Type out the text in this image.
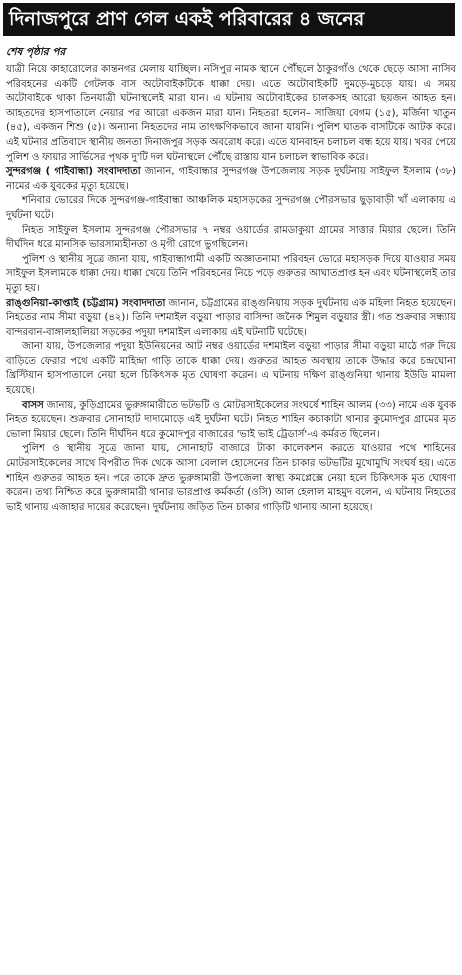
দিনাজপুরে প্রাণ গেল একই পরিবারের ৪ জনের
শেষ পৃষ্ঠার পর

যাত্রী নিয়ে কাহারোলের কান্তনগর মেলায় যাচ্ছিল। নসিপুর নামক স্থানে পৌঁছলে ঠাকুরগাঁও থেকে ছেড়ে আসা নাসিব পরিবহনের একটি গেটলক বাস অটোবাইকটিকে ধাক্কা দেয়। এতে অটোবাইকটি দুমড়ে-মুচড়ে যায়। এ সময় অটোবাইকে থাকা তিনযাত্রী ঘটনাস্থলেই মারা যান। এ ঘটনায় অটোবাইকের চালকসহ আরো ছয়জন আহত হন। আহতদের হাসপাতালে নেয়ার পর আরো একজন মারা যান। নিহতরা হলেন– সাজিয়া বেগম (১৫), মর্জিনা খাতুন (৪৫), একজন শিশু (৫)। অন্যান্য নিহতদের নাম তাৎক্ষণিকভাবে জানা যায়নি। পুলিশ ঘাতক বাসটিকে আটক করে। এই ঘটনার প্রতিবাদে স্থানীয় জনতা দিনাজপুর সড়ক অবরোধ করে। এতে যানবাহন চলাচল বন্ধ হয়ে যায়। খবর পেয়ে পুলিশ ও ফায়ার সার্ভিসের পৃথক দু'টি দল ঘটনাস্থলে পৌঁছে রাস্তায় যান চলাচল স্বাভাবিক করে।

সুন্দরগঞ্জ ( গাইবান্ধা) সংবাদদাতা জানান, গাইবান্ধার সুন্দরগঞ্জ উপজেলায় সড়ক দুর্ঘটনায় সাইফুল ইসলাম (৩৮) নামের এক যুবকের মৃত্যু হয়েছে।

শনিবার ভোরের দিকে সুন্দরগঞ্জ-গাইবান্ধা আঞ্চলিক মহাসড়কের সুন্দরগঞ্জ পৌরসভার ছুড়াবাড়ী খাঁ এলাকায় এ দুর্ঘটনা ঘটে।

নিহত সাইফুল ইসলাম সুন্দরগঞ্জ পৌরসভার ৭ নম্বর ওয়ার্ডের রামডাকুয়া গ্রামের সাত্তার মিয়ার ছেলে। তিনি দীর্ঘদিন ধরে মানসিক ভারসাম্যহীনতা ও মৃগী রোগে ভুগছিলেন।

পুলিশ ও স্থানীয় সূত্রে জানা যায়, গাইবান্ধাগামী একটি অজ্ঞাতনামা পরিবহন ভোরে মহাসড়ক দিয়ে যাওয়ার সময় সাইফুল ইসলামকে ধাক্কা দেয়। ধাক্কা খেয়ে তিনি পরিবহনের নিচে পড়ে গুরুতর আঘাতপ্রাপ্ত হন এবং ঘটনাস্থলেই তার মৃত্যু হয়।

রাঙ্গুনিয়া-কাপ্তাই (চট্টগ্রাম) সংবাদদাতা জানান, চট্টগ্রামের রাঙ্গুনিয়ায় সড়ক দুর্ঘটনায় এক মহিলা নিহত হয়েছেন। নিহতের নাম সীমা বড়ুয়া (৪২)। তিনি দশমাইল বড়ুয়া পাড়ার বাসিন্দা জনৈক শিমুল বড়ুয়ার স্ত্রী। গত শুক্রবার সন্ধ্যায় বান্দরবান-বাঙ্গালহালিয়া সড়কের পদুয়া দশমাইল এলাকায় এই ঘটনাটি ঘটেছে।

জানা যায়, উপজেলার পদুয়া ইউনিয়নের আট নম্বর ওয়ার্ডের দশমাইল বড়ুয়া পাড়ার সীমা বড়ুয়া মাঠে গরু দিয়ে বাড়িতে ফেরার পথে একটি মাহিন্দ্রা গাড়ি তাকে ধাক্কা দেয়। গুরুতর আহত অবস্থায় তাকে উদ্ধার করে চন্দ্রঘোনা খ্রিস্টিয়ান হাসপাতালে নেয়া হলে চিকিৎসক মৃত ঘোষণা করেন। এ ঘটনায় দক্ষিণ রাঙ্গুনিয়া থানায় ইউডি মামলা হয়েছে।

বাসস জানায়, কুড়িগ্রামের ভুরুঙ্গামারীতে ভটভটি ও মোটরসাইকেলের সংঘর্ষে শাহিন আলম (৩৩) নামে এক যুবক নিহত হয়েছেন। শুক্রবার সোনাহাট দাদামোড়ে এই দুর্ঘটনা ঘটে। নিহত শাহিন কচাকাটা থানার কুমোদপুর গ্রামের মৃত ভোলা মিয়ার ছেলে। তিনি দীর্ঘদিন ধরে কুমোদপুর বাজারের 'ভাই ভাই ট্রেডার্স'-এ কর্মরত ছিলেন।

পুলিশ ও স্থানীয় সূত্রে জানা যায়, সোনাহাট বাজারে টাকা কালেকশন করতে যাওয়ার পথে শাহিনের মোটরসাইকেলের সাথে বিপরীত দিক থেকে আসা বেলাল হোসেনের তিন চাকার ভটভটির মুখোমুখি সংঘর্ষ হয়। এতে শাহিন গুরুতর আহত হন। পরে তাকে দ্রুত ভুরুঙ্গামারী উপজেলা স্বাস্থ্য কমপ্লেক্সে নেয়া হলে চিকিৎসক মৃত ঘোষণা করেন। তথ্য নিশ্চিত করে ভুরুঙ্গামারী থানার ভারপ্রাপ্ত কর্মকর্তা (ওসি) আল হেলাল মাহমুদ বলেন, এ ঘটনায় নিহতের ভাই থানায় এজাহার দায়ের করেছেন। দুর্ঘটনায় জড়িত তিন চাকার গাড়িটি থানায় আনা হয়েছে।
